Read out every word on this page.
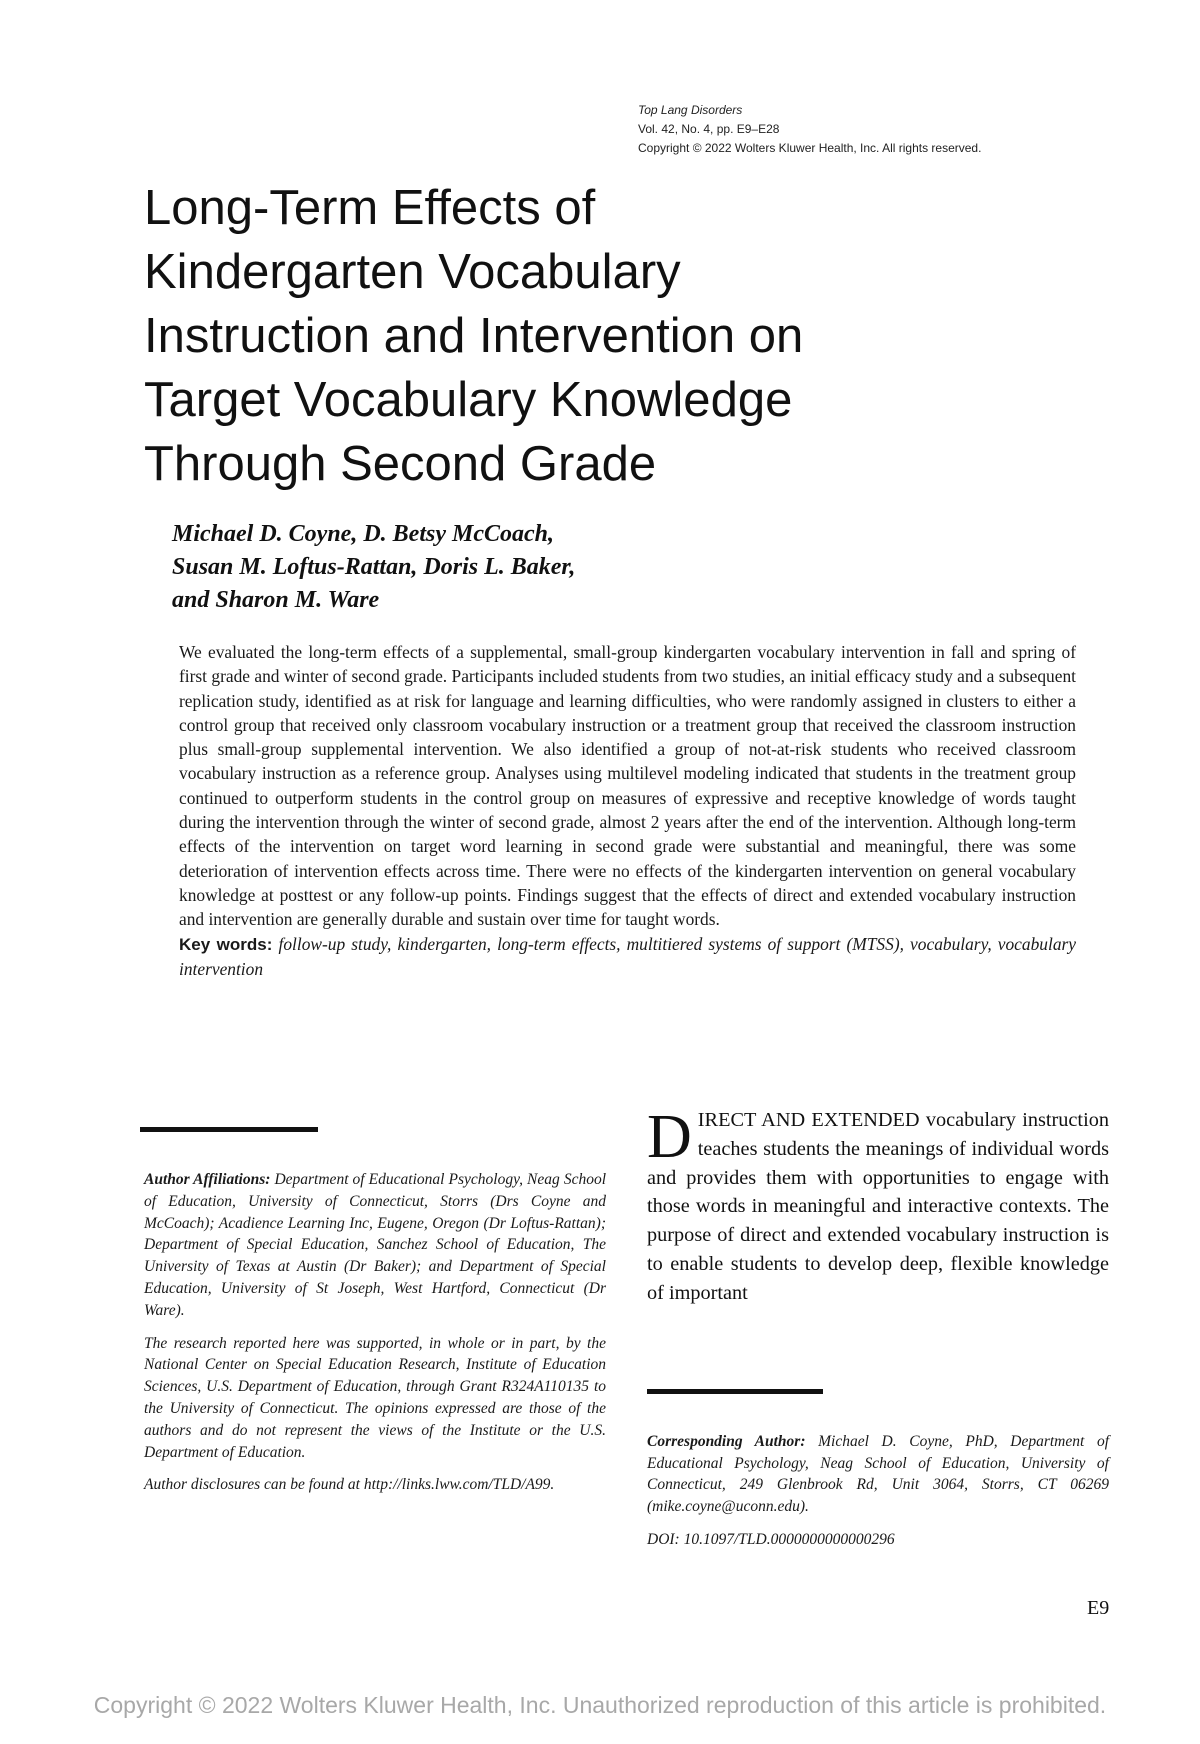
Top Lang Disorders
Vol. 42, No. 4, pp. E9–E28
Copyright © 2022 Wolters Kluwer Health, Inc. All rights reserved.
Long-Term Effects of
Kindergarten Vocabulary
Instruction and Intervention on
Target Vocabulary Knowledge
Through Second Grade
Michael D. Coyne, D. Betsy McCoach,
Susan M. Loftus-Rattan, Doris L. Baker,
and Sharon M. Ware

We evaluated the long-term effects of a supplemental, small-group kindergarten vocabulary intervention in fall and spring of first grade and winter of second grade. Participants included students from two studies, an initial efficacy study and a subsequent replication study, identified as at risk for language and learning difficulties, who were randomly assigned in clusters to either a control group that received only classroom vocabulary instruction or a treatment group that received the classroom instruction plus small-group supplemental intervention. We also identified a group of not-at-risk students who received classroom vocabulary instruction as a reference group. Analyses using multilevel modeling indicated that students in the treatment group continued to outperform students in the control group on measures of expressive and receptive knowledge of words taught during the intervention through the winter of second grade, almost 2 years after the end of the intervention. Although long-term effects of the intervention on target word learning in second grade were substantial and meaningful, there was some deterioration of intervention effects across time. There were no effects of the kindergarten intervention on general vocabulary knowledge at posttest or any follow-up points. Findings suggest that the effects of direct and extended vocabulary instruction and intervention are generally durable and sustain over time for taught words.

Key words: follow-up study, kindergarten, long-term effects, multitiered systems of support (MTSS), vocabulary, vocabulary intervention

Author Affiliations: Department of Educational Psychology, Neag School of Education, University of Connecticut, Storrs (Drs Coyne and McCoach); Acadience Learning Inc, Eugene, Oregon (Dr Loftus-Rattan); Department of Special Education, Sanchez School of Education, The University of Texas at Austin (Dr Baker); and Department of Special Education, University of St Joseph, West Hartford, Connecticut (Dr Ware).

The research reported here was supported, in whole or in part, by the National Center on Special Education Research, Institute of Education Sciences, U.S. Department of Education, through Grant R324A110135 to the University of Connecticut. The opinions expressed are those of the authors and do not represent the views of the Institute or the U.S. Department of Education.

Author disclosures can be found at http://links.lww.com/TLD/A99.

DIRECT AND EXTENDED vocabulary instruction teaches students the meanings of individual words and provides them with opportunities to engage with those words in meaningful and interactive contexts. The purpose of direct and extended vocabulary instruction is to enable students to develop deep, flexible knowledge of important

Corresponding Author: Michael D. Coyne, PhD, Department of Educational Psychology, Neag School of Education, University of Connecticut, 249 Glenbrook Rd, Unit 3064, Storrs, CT 06269 (mike.coyne@uconn.edu).

DOI: 10.1097/TLD.0000000000000296

E9
Copyright © 2022 Wolters Kluwer Health, Inc. Unauthorized reproduction of this article is prohibited.
